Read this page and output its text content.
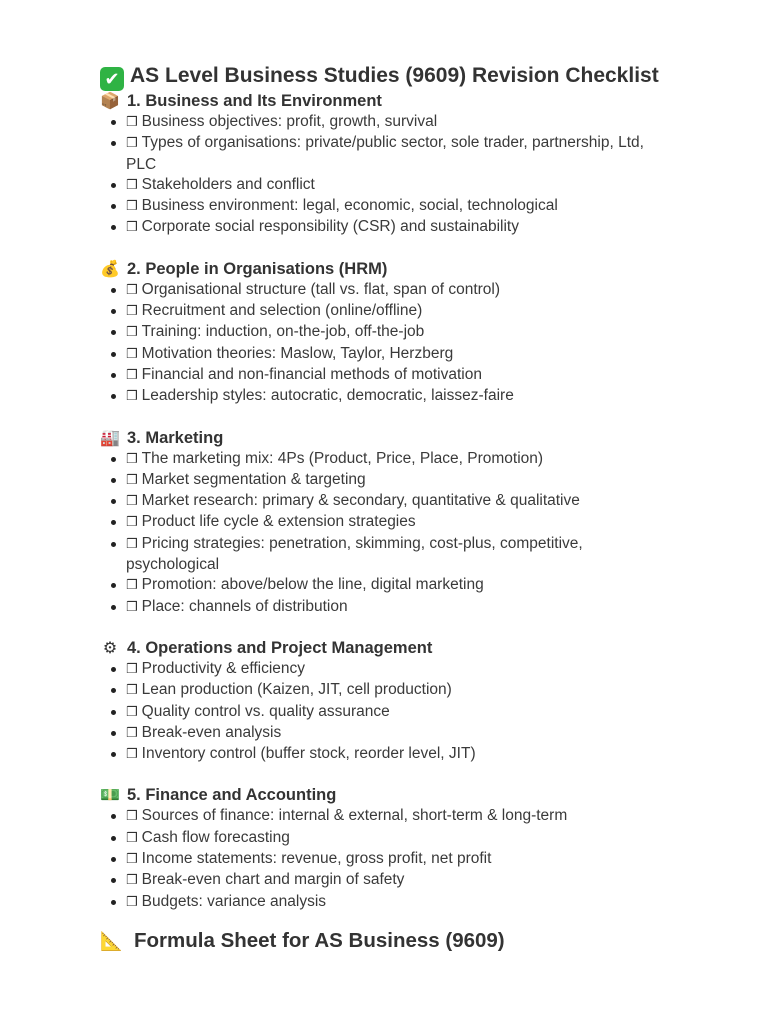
✔ AS Level Business Studies (9609) Revision Checklist
📦 1. Business and Its Environment
❒ Business objectives: profit, growth, survival
❒ Types of organisations: private/public sector, sole trader, partnership, Ltd, PLC
❒ Stakeholders and conflict
❒ Business environment: legal, economic, social, technological
❒ Corporate social responsibility (CSR) and sustainability
💰 2. People in Organisations (HRM)
❒ Organisational structure (tall vs. flat, span of control)
❒ Recruitment and selection (online/offline)
❒ Training: induction, on-the-job, off-the-job
❒ Motivation theories: Maslow, Taylor, Herzberg
❒ Financial and non-financial methods of motivation
❒ Leadership styles: autocratic, democratic, laissez-faire
🏭 3. Marketing
❒ The marketing mix: 4Ps (Product, Price, Place, Promotion)
❒ Market segmentation & targeting
❒ Market research: primary & secondary, quantitative & qualitative
❒ Product life cycle & extension strategies
❒ Pricing strategies: penetration, skimming, cost-plus, competitive, psychological
❒ Promotion: above/below the line, digital marketing
❒ Place: channels of distribution
⚙ 4. Operations and Project Management
❒ Productivity & efficiency
❒ Lean production (Kaizen, JIT, cell production)
❒ Quality control vs. quality assurance
❒ Break-even analysis
❒ Inventory control (buffer stock, reorder level, JIT)
💵 5. Finance and Accounting
❒ Sources of finance: internal & external, short-term & long-term
❒ Cash flow forecasting
❒ Income statements: revenue, gross profit, net profit
❒ Break-even chart and margin of safety
❒ Budgets: variance analysis
📐 Formula Sheet for AS Business (9609)
